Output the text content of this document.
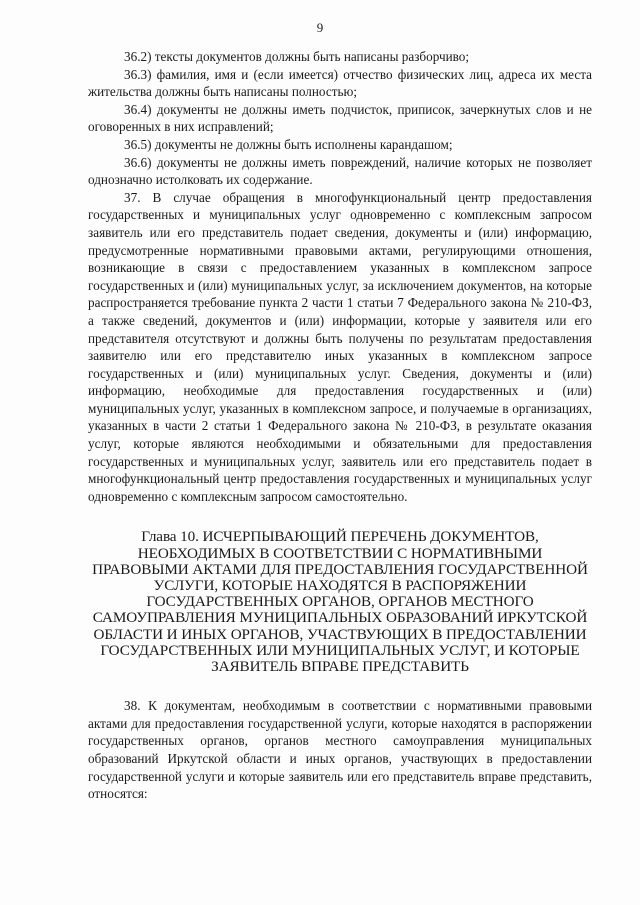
9

36.2) тексты документов должны быть написаны разборчиво;

36.3) фамилия, имя и (если имеется) отчество физических лиц, адреса их места жительства должны быть написаны полностью;

36.4) документы не должны иметь подчисток, приписок, зачеркнутых слов и не оговоренных в них исправлений;

36.5) документы не должны быть исполнены карандашом;

36.6) документы не должны иметь повреждений, наличие которых не позволяет однозначно истолковать их содержание.

37. В случае обращения в многофункциональный центр предоставления государственных и муниципальных услуг одновременно с комплексным запросом заявитель или его представитель подает сведения, документы и (или) информацию, предусмотренные нормативными правовыми актами, регулирующими отношения, возникающие в связи с предоставлением указанных в комплексном запросе государственных и (или) муниципальных услуг, за исключением документов, на которые распространяется требование пункта 2 части 1 статьи 7 Федерального закона № 210-ФЗ, а также сведений, документов и (или) информации, которые у заявителя или его представителя отсутствуют и должны быть получены по результатам предоставления заявителю или его представителю иных указанных в комплексном запросе государственных и (или) муниципальных услуг. Сведения, документы и (или) информацию, необходимые для предоставления государственных и (или) муниципальных услуг, указанных в комплексном запросе, и получаемые в организациях, указанных в части 2 статьи 1 Федерального закона № 210-ФЗ, в результате оказания услуг, которые являются необходимыми и обязательными для предоставления государственных и муниципальных услуг, заявитель или его представитель подает в многофункциональный центр предоставления государственных и муниципальных услуг одновременно с комплексным запросом самостоятельно.

Глава 10. ИСЧЕРПЫВАЮЩИЙ ПЕРЕЧЕНЬ ДОКУМЕНТОВ, НЕОБХОДИМЫХ В СООТВЕТСТВИИ С НОРМАТИВНЫМИ ПРАВОВЫМИ АКТАМИ ДЛЯ ПРЕДОСТАВЛЕНИЯ ГОСУДАРСТВЕННОЙ УСЛУГИ, КОТОРЫЕ НАХОДЯТСЯ В РАСПОРЯЖЕНИИ ГОСУДАРСТВЕННЫХ ОРГАНОВ, ОРГАНОВ МЕСТНОГО САМОУПРАВЛЕНИЯ МУНИЦИПАЛЬНЫХ ОБРАЗОВАНИЙ ИРКУТСКОЙ ОБЛАСТИ И ИНЫХ ОРГАНОВ, УЧАСТВУЮЩИХ В ПРЕДОСТАВЛЕНИИ ГОСУДАРСТВЕННЫХ ИЛИ МУНИЦИПАЛЬНЫХ УСЛУГ, И КОТОРЫЕ ЗАЯВИТЕЛЬ ВПРАВЕ ПРЕДСТАВИТЬ

38. К документам, необходимым в соответствии с нормативными правовыми актами для предоставления государственной услуги, которые находятся в распоряжении государственных органов, органов местного самоуправления муниципальных образований Иркутской области и иных органов, участвующих в предоставлении государственной услуги и которые заявитель или его представитель вправе представить, относятся:
